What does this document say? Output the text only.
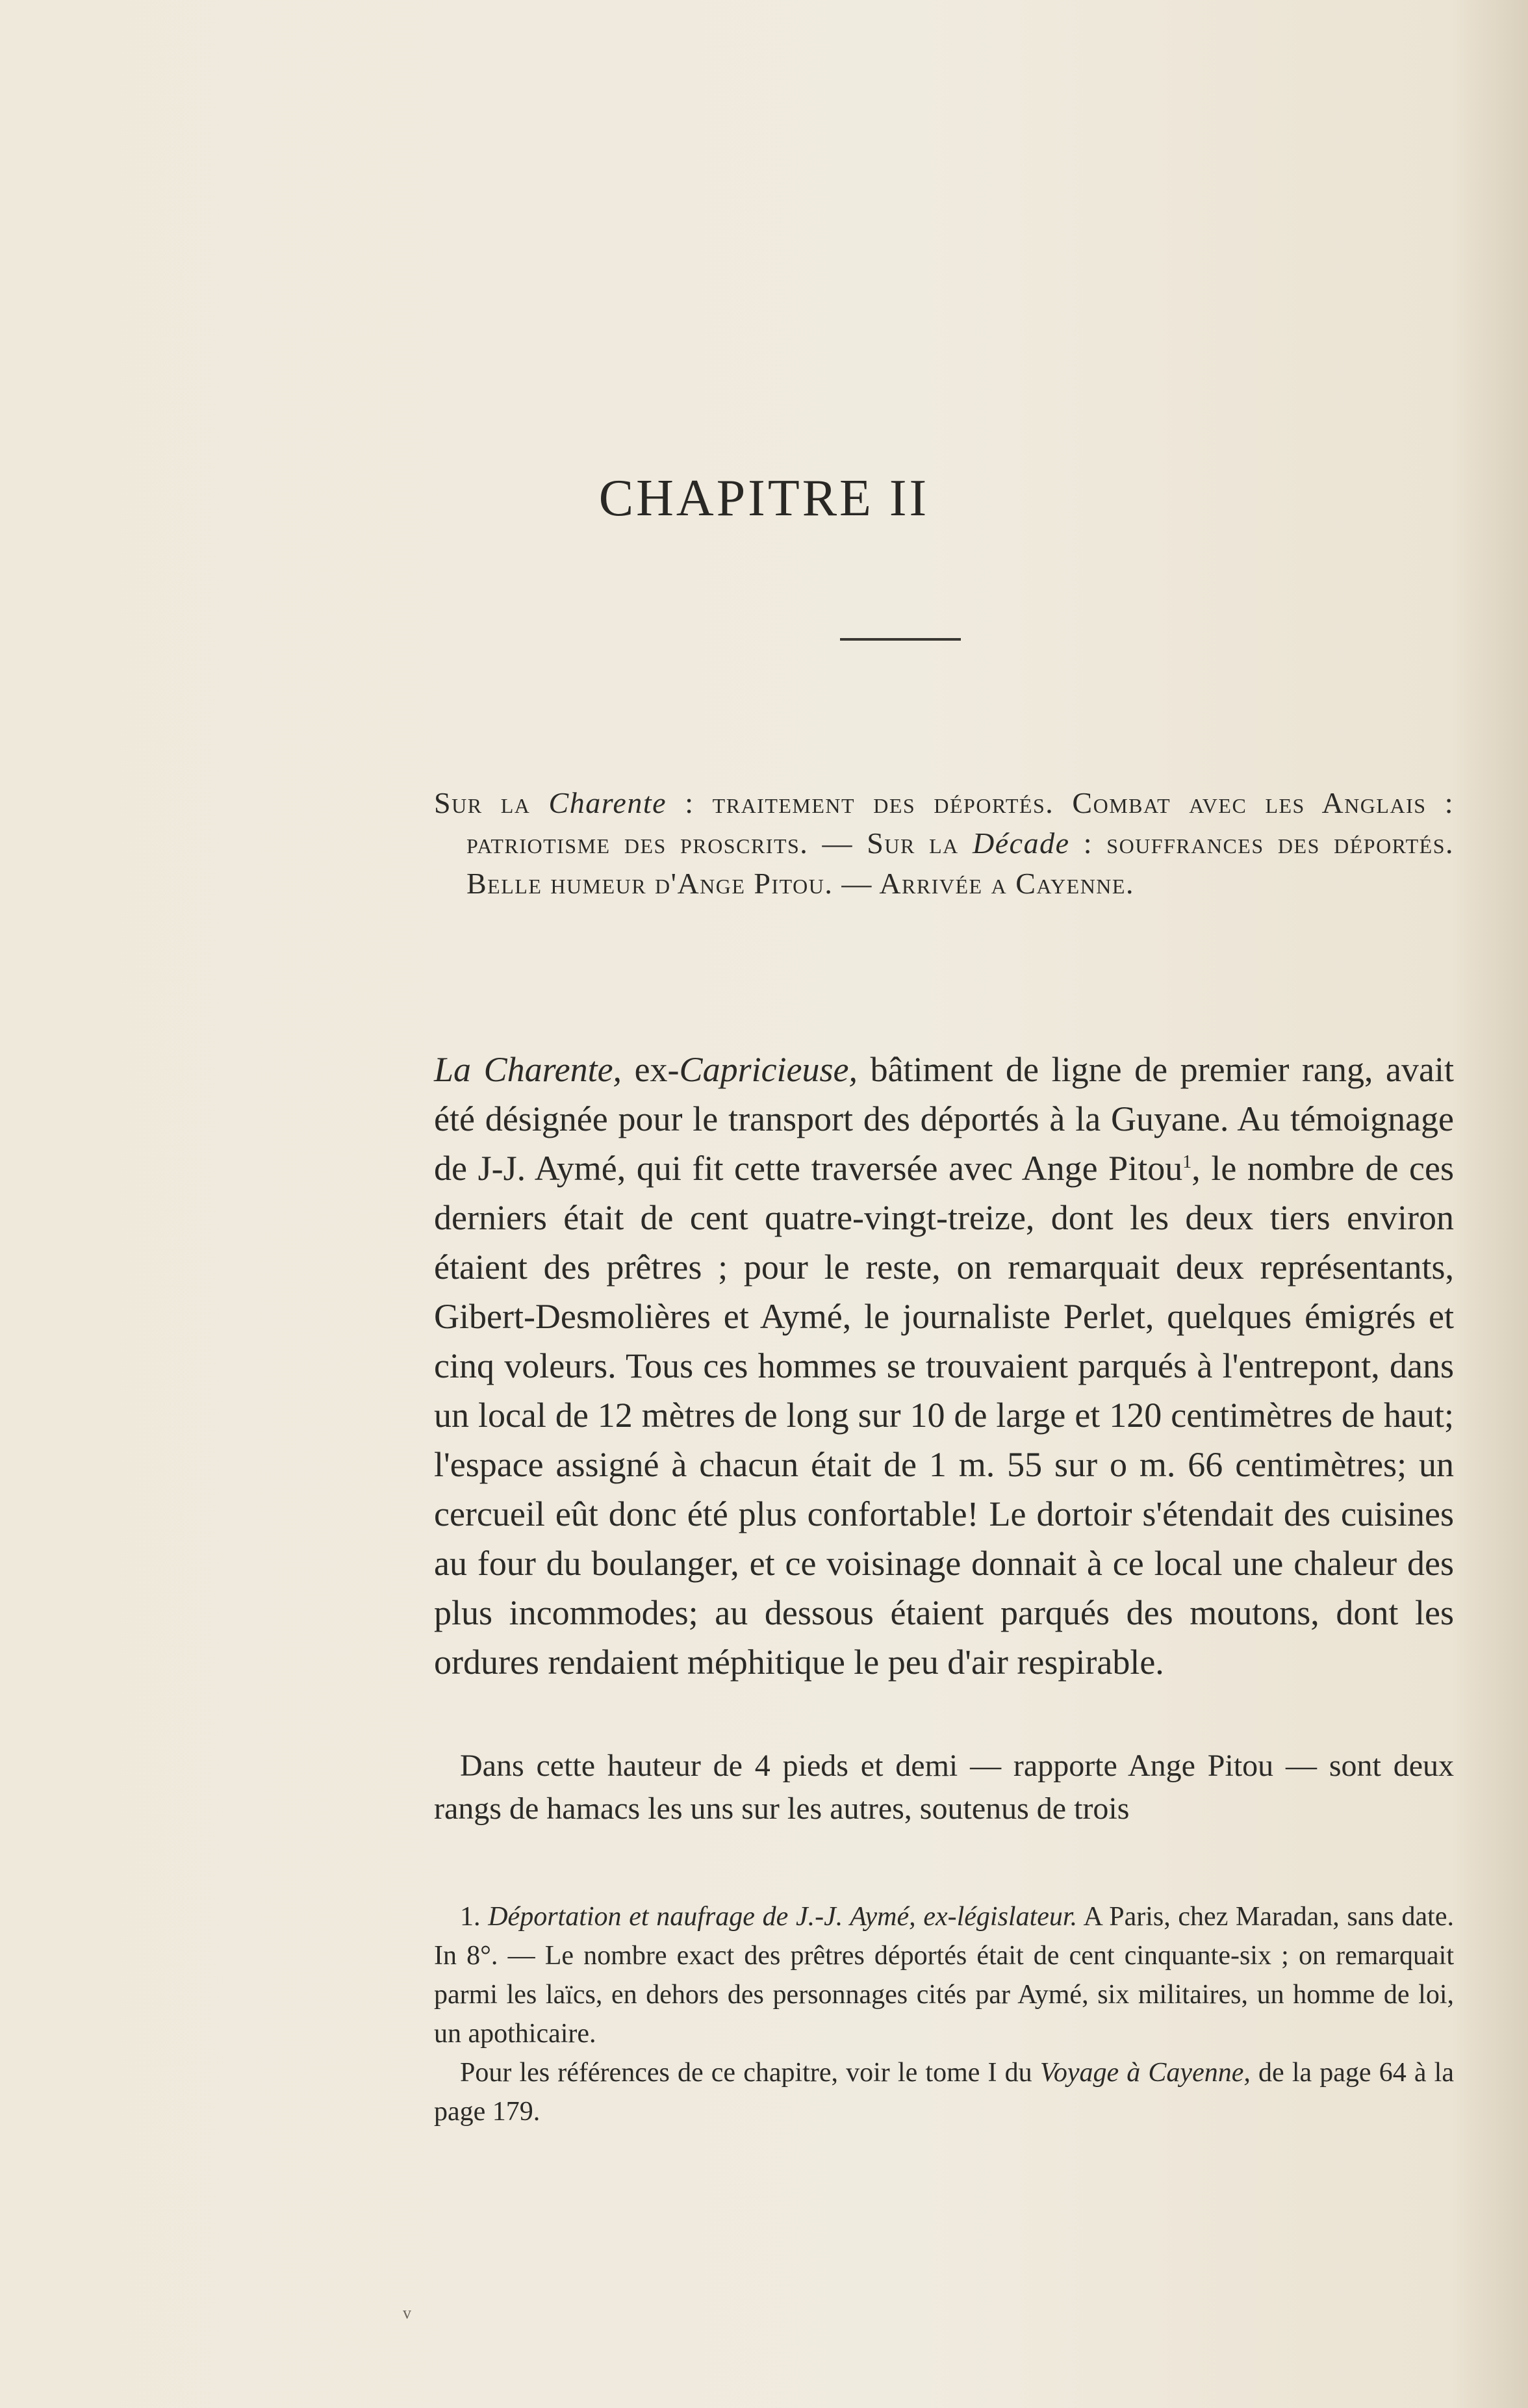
CHAPITRE II

Sur la Charente : traitement des déportés. Combat avec les Anglais : patriotisme des proscrits. — Sur la Décade : souffrances des déportés. Belle humeur d'Ange Pitou. — Arrivée a Cayenne.

La Charente, ex-Capricieuse, bâtiment de ligne de premier rang, avait été désignée pour le transport des déportés à la Guyane. Au témoignage de J-J. Aymé, qui fit cette traversée avec Ange Pitou$^1$, le nombre de ces derniers était de cent quatre-vingt-treize, dont les deux tiers environ étaient des prêtres ; pour le reste, on remarquait deux représentants, Gibert-Desmolières et Aymé, le journaliste Perlet, quelques émigrés et cinq voleurs. Tous ces hommes se trouvaient parqués à l'entrepont, dans un local de 12 mètres de long sur 10 de large et 120 centimètres de haut; l'espace assigné à chacun était de 1 m. 55 sur o m. 66 centimètres; un cercueil eût donc été plus confortable! Le dortoir s'étendait des cuisines au four du boulanger, et ce voisinage donnait à ce local une chaleur des plus incommodes; au dessous étaient parqués des moutons, dont les ordures rendaient méphitique le peu d'air respirable.

Dans cette hauteur de 4 pieds et demi — rapporte Ange Pitou — sont deux rangs de hamacs les uns sur les autres, soutenus de trois

1. Déportation et naufrage de J.-J. Aymé, ex-législateur. A Paris, chez Maradan, sans date. In 8°. — Le nombre exact des prêtres déportés était de cent cinquante-six ; on remarquait parmi les laïcs, en dehors des personnages cités par Aymé, six militaires, un homme de loi, un apothicaire.

Pour les références de ce chapitre, voir le tome I du Voyage à Cayenne, de la page 64 à la page 179.

v
